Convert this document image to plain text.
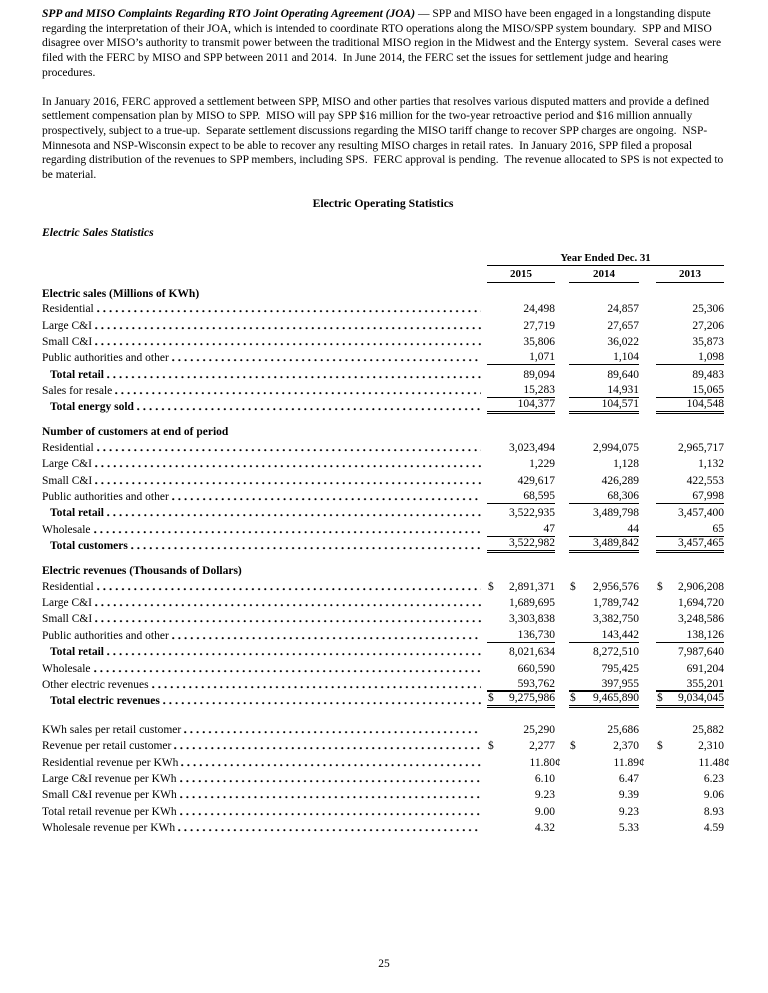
SPP and MISO Complaints Regarding RTO Joint Operating Agreement (JOA) — SPP and MISO have been engaged in a longstanding dispute regarding the interpretation of their JOA, which is intended to coordinate RTO operations along the MISO/SPP system boundary.  SPP and MISO disagree over MISO’s authority to transmit power between the traditional MISO region in the Midwest and the Entergy system.  Several cases were filed with the FERC by MISO and SPP between 2011 and 2014.  In June 2014, the FERC set the issues for settlement judge and hearing procedures.

In January 2016, FERC approved a settlement between SPP, MISO and other parties that resolves various disputed matters and provide a defined settlement compensation plan by MISO to SPP.  MISO will pay SPP $16 million for the two-year retroactive period and $16 million annually prospectively, subject to a true-up.  Separate settlement discussions regarding the MISO tariff change to recover SPP charges are ongoing.  NSP-Minnesota and NSP-Wisconsin expect to be able to recover any resulting MISO charges in retail rates.  In January 2016, SPP filed a proposal regarding distribution of the revenues to SPP members, including SPS.  FERC approval is pending.  The revenue allocated to SPS is not expected to be material.

Electric Operating Statistics
Electric Sales Statistics
Year Ended Dec. 31
2015	2014	2013
Electric sales (Millions of KWh)
Residential	24,498	24,857	25,306
Large C&I	27,719	27,657	27,206
Small C&I	35,806	36,022	35,873
Public authorities and other	1,071	1,104	1,098
Total retail	89,094	89,640	89,483
Sales for resale	15,283	14,931	15,065
Total energy sold	104,377	104,571	104,548
Number of customers at end of period
Residential	3,023,494	2,994,075	2,965,717
Large C&I	1,229	1,128	1,132
Small C&I	429,617	426,289	422,553
Public authorities and other	68,595	68,306	67,998
Total retail	3,522,935	3,489,798	3,457,400
Wholesale	47	44	65
Total customers	3,522,982	3,489,842	3,457,465
Electric revenues (Thousands of Dollars)
Residential	$ 2,891,371 $ 2,956,576 $ 2,906,208
Large C&I	1,689,695	1,789,742	1,694,720
Small C&I	3,303,838	3,382,750	3,248,586
Public authorities and other	136,730	143,442	138,126
Total retail	8,021,634	8,272,510	7,987,640
Wholesale	660,590	795,425	691,204
Other electric revenues	593,762	397,955	355,201
Total electric revenues	$ 9,275,986 $ 9,465,890 $ 9,034,045
KWh sales per retail customer	25,290	25,686	25,882
Revenue per retail customer	$	2,277 $	2,370 $	2,310
Residential revenue per KWh	11.80¢	11.89¢	11.48¢
Large C&I revenue per KWh	6.10	6.47	6.23
Small C&I revenue per KWh	9.23	9.39	9.06
Total retail revenue per KWh	9.00	9.23	8.93
Wholesale revenue per KWh	4.32	5.33	4.59
25
